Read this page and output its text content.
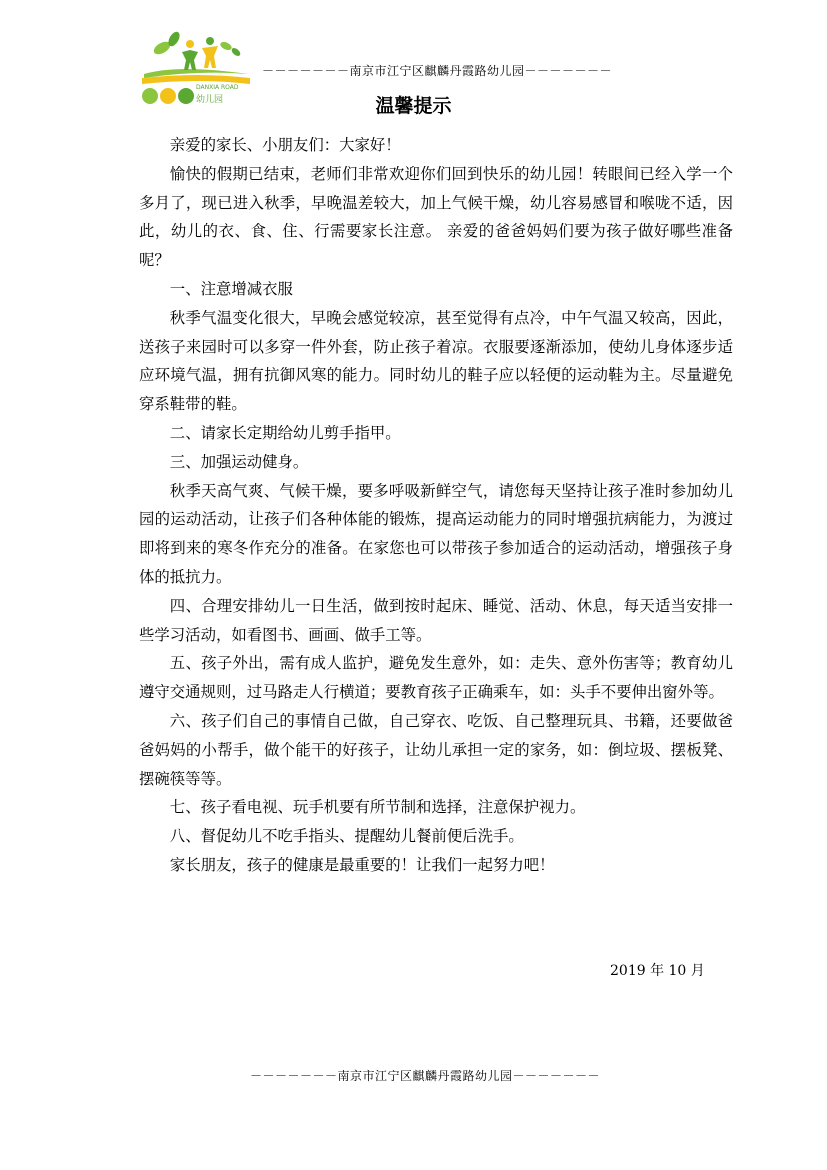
DANXIA ROAD
幼儿园
－－－－－－－南京市江宁区麒麟丹霞路幼儿园－－－－－－－
温馨提示

亲爱的家长、小朋友们：大家好！

愉快的假期已结束，老师们非常欢迎你们回到快乐的幼儿园！转眼间已经入学一个多月了，现已进入秋季，早晚温差较大，加上气候干燥，幼儿容易感冒和喉咙不适，因此，幼儿的衣、食、住、行需要家长注意。 亲爱的爸爸妈妈们要为孩子做好哪些准备呢？

一、注意增减衣服

秋季气温变化很大，早晚会感觉较凉，甚至觉得有点冷，中午气温又较高，因此，送孩子来园时可以多穿一件外套，防止孩子着凉。衣服要逐渐添加，使幼儿身体逐步适应环境气温，拥有抗御风寒的能力。同时幼儿的鞋子应以轻便的运动鞋为主。尽量避免穿系鞋带的鞋。

二、请家长定期给幼儿剪手指甲。

三、加强运动健身。

秋季天高气爽、气候干燥，要多呼吸新鲜空气，请您每天坚持让孩子准时参加幼儿园的运动活动，让孩子们各种体能的锻炼，提高运动能力的同时增强抗病能力，为渡过即将到来的寒冬作充分的准备。在家您也可以带孩子参加适合的运动活动，增强孩子身体的抵抗力。

四、合理安排幼儿一日生活，做到按时起床、睡觉、活动、休息，每天适当安排一些学习活动，如看图书、画画、做手工等。

五、孩子外出，需有成人监护，避免发生意外，如：走失、意外伤害等；教育幼儿遵守交通规则，过马路走人行横道；要教育孩子正确乘车，如：头手不要伸出窗外等。

六、孩子们自己的事情自己做，自己穿衣、吃饭、自己整理玩具、书籍，还要做爸爸妈妈的小帮手，做个能干的好孩子，让幼儿承担一定的家务，如：倒垃圾、摆板凳、摆碗筷等等。

七、孩子看电视、玩手机要有所节制和选择，注意保护视力。

八、督促幼儿不吃手指头、提醒幼儿餐前便后洗手。

家长朋友，孩子的健康是最重要的！让我们一起努力吧！

2019 年 10 月
－－－－－－－南京市江宁区麒麟丹霞路幼儿园－－－－－－－
